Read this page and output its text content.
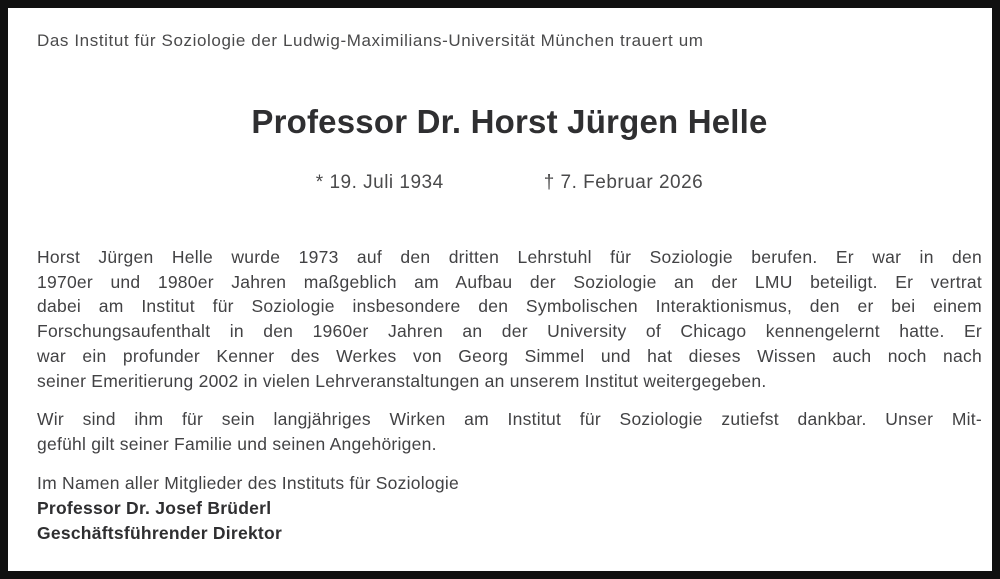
Das Institut für Soziologie der Ludwig-Maximilians-Universität München trauert um
Professor Dr. Horst Jürgen Helle
* 19. Juli 1934	† 7. Februar 2026
Horst Jürgen Helle wurde 1973 auf den dritten Lehrstuhl für Soziologie berufen. Er war in den
1970er und 1980er Jahren maßgeblich am Aufbau der Soziologie an der LMU beteiligt. Er vertrat
dabei am Institut für Soziologie insbesondere den Symbolischen Interaktionismus, den er bei einem
Forschungsaufenthalt in den 1960er Jahren an der University of Chicago kennengelernt hatte. Er
war ein profunder Kenner des Werkes von Georg Simmel und hat dieses Wissen auch noch nach
seiner Emeritierung 2002 in vielen Lehrveranstaltungen an unserem Institut weitergegeben.
Wir sind ihm für sein langjähriges Wirken am Institut für Soziologie zutiefst dankbar. Unser Mit-
gefühl gilt seiner Familie und seinen Angehörigen.
Im Namen aller Mitglieder des Instituts für Soziologie
Professor Dr. Josef Brüderl
Geschäftsführender Direktor
